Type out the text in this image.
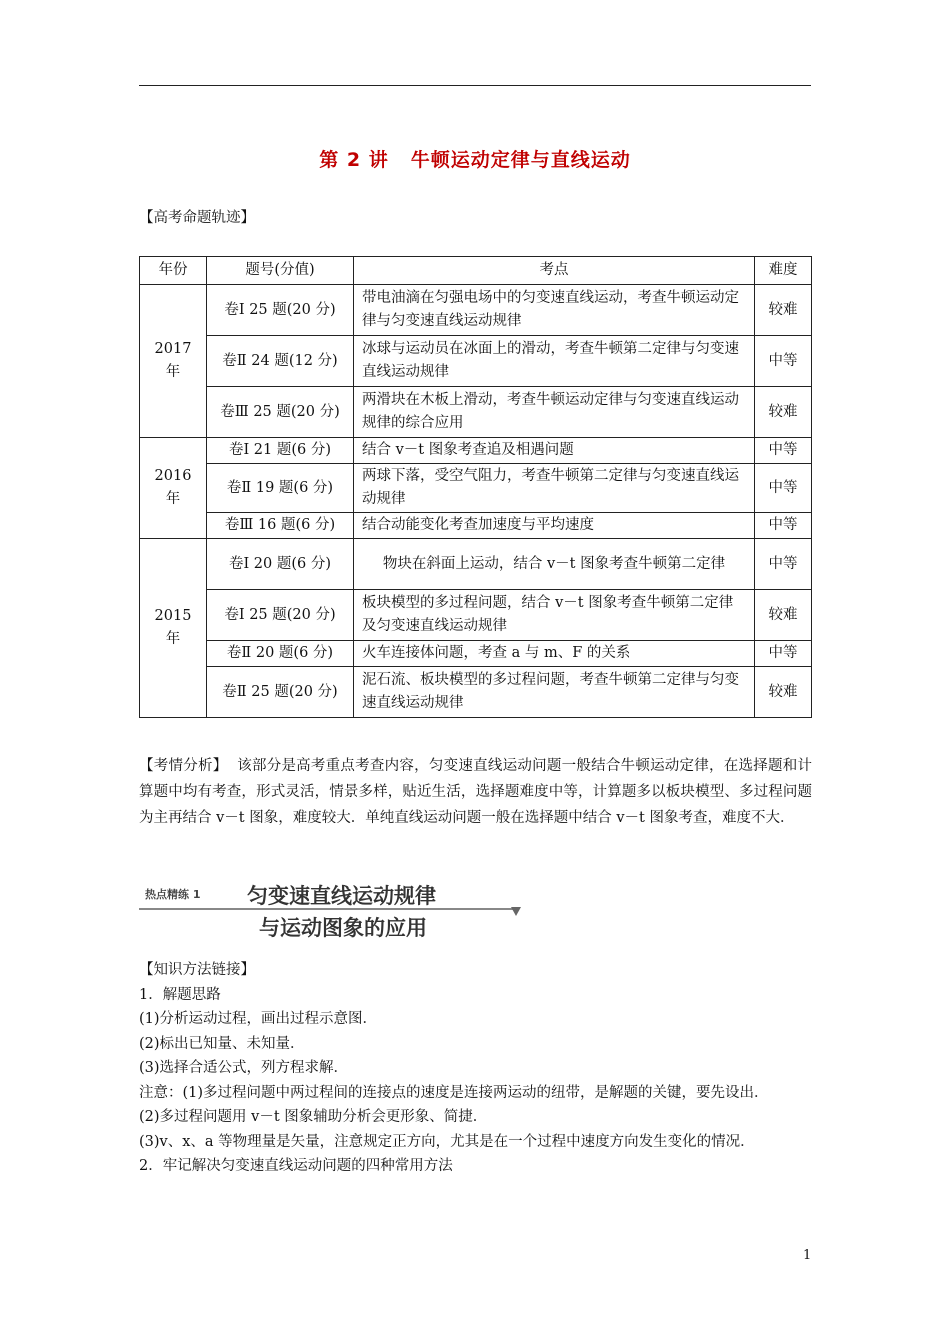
第 2 讲 牛顿运动定律与直线运动
【高考命题轨迹】
年份	题号(分值)	考点	难度
2017 年	卷Ⅰ 25 题(20 分)	带电油滴在匀强电场中的匀变速直线运动，考查牛顿运动定律与匀变速直线运动规律	较难
	卷Ⅱ 24 题(12 分)	冰球与运动员在冰面上的滑动，考查牛顿第二定律与匀变速直线运动规律	中等
	卷Ⅲ 25 题(20 分)	两滑块在木板上滑动，考查牛顿运动定律与匀变速直线运动规律的综合应用	较难
2016 年	卷Ⅰ 21 题(6 分)	结合 v－t 图象考查追及相遇问题	中等
	卷Ⅱ 19 题(6 分)	两球下落，受空气阻力，考查牛顿第二定律与匀变速直线运动规律	中等
	卷Ⅲ 16 题(6 分)	结合动能变化考查加速度与平均速度	中等
2015 年	卷Ⅰ 20 题(6 分)	物块在斜面上运动，结合 v－t 图象考查牛顿第二定律	中等
	卷Ⅰ 25 题(20 分)	板块模型的多过程问题，结合 v－t 图象考查牛顿第二定律及匀变速直线运动规律	较难
	卷Ⅱ 20 题(6 分)	火车连接体问题，考查 a 与 m、F 的关系	中等
	卷Ⅱ 25 题(20 分)	泥石流、板块模型的多过程问题，考查牛顿第二定律与匀变速直线运动规律	较难
【考情分析】 该部分是高考重点考查内容，匀变速直线运动问题一般结合牛顿运动定律，在选择题和计算题中均有考查，形式灵活，情景多样，贴近生活，选择题难度中等，计算题多以板块模型、多过程问题为主再结合 v－t 图象，难度较大．单纯直线运动问题一般在选择题中结合 v－t 图象考查，难度不大．
热点精练 1 匀变速直线运动规律
与运动图象的应用
【知识方法链接】
1．解题思路
(1)分析运动过程，画出过程示意图．
(2)标出已知量、未知量．
(3)选择合适公式，列方程求解．
注意：(1)多过程问题中两过程间的连接点的速度是连接两运动的纽带，是解题的关键，要先设出．
(2)多过程问题用 v－t 图象辅助分析会更形象、简捷．
(3)v、x、a 等物理量是矢量，注意规定正方向，尤其是在一个过程中速度方向发生变化的情况．
2．牢记解决匀变速直线运动问题的四种常用方法
1
